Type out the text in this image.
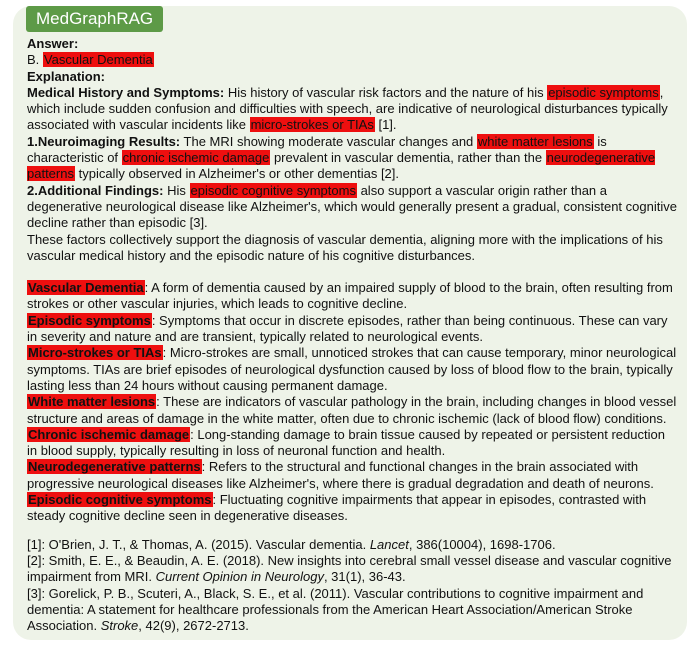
MedGraphRAG

Answer:

B. Vascular Dementia

Explanation:

Medical History and Symptoms: His history of vascular risk factors and the nature of his episodic symptoms, which include sudden confusion and difficulties with speech, are indicative of neurological disturbances typically associated with vascular incidents like micro-strokes or TIAs [1].

1.Neuroimaging Results: The MRI showing moderate vascular changes and white matter lesions is characteristic of chronic ischemic damage prevalent in vascular dementia, rather than the neurodegenerative patterns typically observed in Alzheimer's or other dementias [2].

2.Additional Findings: His episodic cognitive symptoms also support a vascular origin rather than a degenerative neurological disease like Alzheimer's, which would generally present a gradual, consistent cognitive decline rather than episodic [3].

These factors collectively support the diagnosis of vascular dementia, aligning more with the implications of his vascular medical history and the episodic nature of his cognitive disturbances.

Vascular Dementia: A form of dementia caused by an impaired supply of blood to the brain, often resulting from strokes or other vascular injuries, which leads to cognitive decline.

Episodic symptoms: Symptoms that occur in discrete episodes, rather than being continuous. These can vary in severity and nature and are transient, typically related to neurological events.

Micro-strokes or TIAs: Micro-strokes are small, unnoticed strokes that can cause temporary, minor neurological symptoms. TIAs are brief episodes of neurological dysfunction caused by loss of blood flow to the brain, typically lasting less than 24 hours without causing permanent damage.

White matter lesions: These are indicators of vascular pathology in the brain, including changes in blood vessel structure and areas of damage in the white matter, often due to chronic ischemic (lack of blood flow) conditions.

Chronic ischemic damage: Long-standing damage to brain tissue caused by repeated or persistent reduction in blood supply, typically resulting in loss of neuronal function and health.

Neurodegenerative patterns: Refers to the structural and functional changes in the brain associated with progressive neurological diseases like Alzheimer's, where there is gradual degradation and death of neurons.

Episodic cognitive symptoms: Fluctuating cognitive impairments that appear in episodes, contrasted with steady cognitive decline seen in degenerative diseases.

[1]: O'Brien, J. T., & Thomas, A. (2015). Vascular dementia. Lancet, 386(10004), 1698-1706.

[2]: Smith, E. E., & Beaudin, A. E. (2018). New insights into cerebral small vessel disease and vascular cognitive impairment from MRI. Current Opinion in Neurology, 31(1), 36-43.

[3]: Gorelick, P. B., Scuteri, A., Black, S. E., et al. (2011). Vascular contributions to cognitive impairment and dementia: A statement for healthcare professionals from the American Heart Association/American Stroke Association. Stroke, 42(9), 2672-2713.
